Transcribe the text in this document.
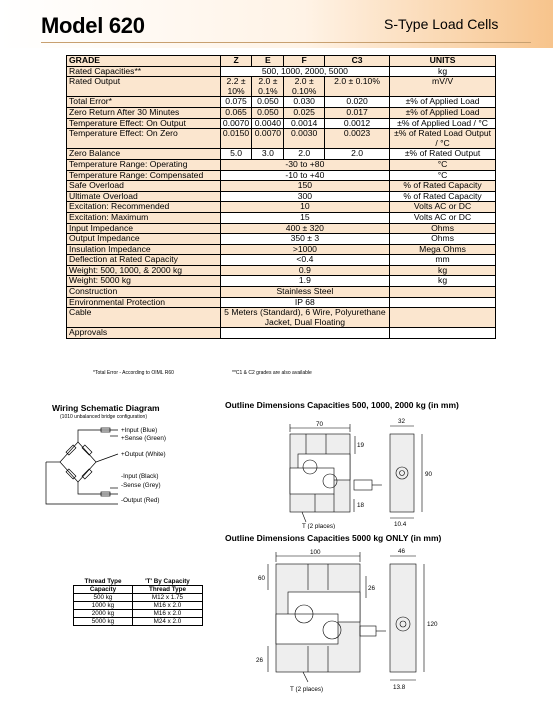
Model 620	S-Type Load Cells
GRADE	Z	E	F	C3	UNITS
Rated Capacities**	500, 1000, 2000, 5000				kg
Rated Output	2.2 ± 10%	2.0 ± 0.1%	2.0 ± 0.10%	2.0 ± 0.10%	mV/V
Total Error*	0.075	0.050	0.030	0.020	±% of Applied Load
Zero Return After 30 Minutes	0.065	0.050	0.025	0.017	±% of Applied Load
Temperature Effect: On Output	0.0070	0.0040	0.0014	0.0012	±% of Applied Load / °C
Temperature Effect: On Zero	0.0150	0.0070	0.0030	0.0023	±% of Rated Load Output / °C
Zero Balance	5.0	3.0	2.0	2.0	±% of Rated Output
Temperature Range: Operating	-30 to +80				°C
Temperature Range: Compensated	-10 to +40				°C
Safe Overload	150				% of Rated Capacity
Ultimate Overload	300				% of Rated Capacity
Excitation: Recommended	10				Volts AC or DC
Excitation: Maximum	15				Volts AC or DC
Input Impedance	400 ± 320				Ohms
Output Impedance	350 ± 3				Ohms
Insulation Impedance	>1000				Mega Ohms
Deflection at Rated Capacity	<0.4				mm
Weight: 500, 1000, & 2000 kg	0.9				kg
Weight: 5000 kg	1.9				kg
Construction	Stainless Steel				
Environmental Protection	IP 68				
Cable	5 Meters (Standard), 6 Wire, Polyurethane Jacket, Dual Floating				
Approvals					
*Total Error - According to OIML R60	**C1 & C2 grades are also available
Wiring Schematic Diagram
(1010 unbalanced bridge configuration)
+Input (Blue)
+Sense (Green)
+Output (White)
-Input (Black)
-Sense (Grey)
-Output (Red)
Outline Dimensions Capacities 500, 1000, 2000 kg (in mm)
70	32
19
90
18
10.4
T (2 places)
Outline Dimensions Capacities 5000 kg ONLY (in mm)
100	46
60
26
120
26
13.8
T (2 places)
Thread Type	'T' By Capacity
Capacity	Thread Type
500 kg	M12 x 1.75
1000 kg	M16 x 2.0
2000 kg	M16 x 2.0
5000 kg	M24 x 2.0
